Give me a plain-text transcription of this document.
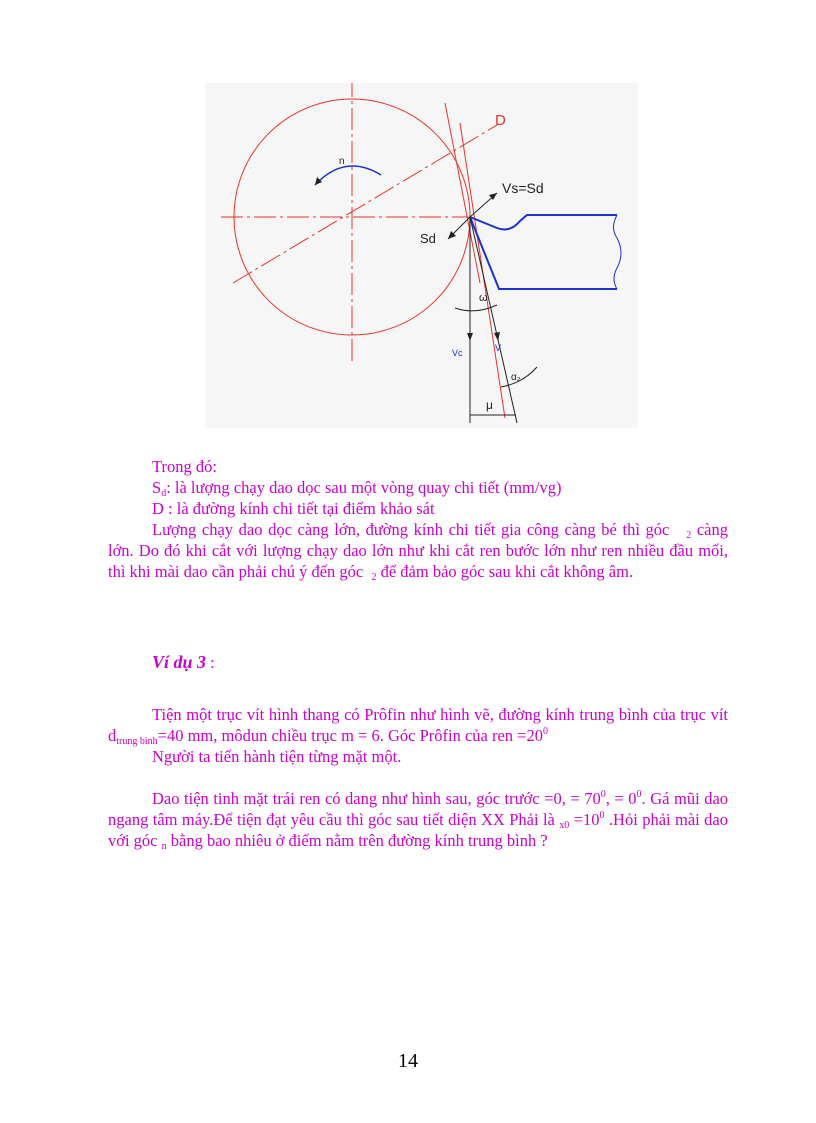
n
D
Vs=Sd
Sd
Vc	V
ω
α₂
μ

Trong đó:

$S_d$: là lượng chạy dao dọc sau một vòng quay chi tiết (mm/vg)

D : là đường kính chi tiết tại điểm khảo sát

Lượng chạy dao dọc càng lớn, đường kính chi tiết gia công càng bé thì góc $_2$ càng lớn. Do đó khi cắt với lượng chạy dao lớn như khi cắt ren bước lớn như ren nhiều đầu mối, thì khi mài dao cần phải chú ý đến góc $_2$ để đảm bảo góc sau khi cắt không âm.

Ví dụ 3 :

Tiện một trục vít hình thang có Prôfin như hình vẽ, đường kính trung bình của trục vít $d_{trung bình}=40$ mm, môdun chiều trục m = 6. Góc Prôfin của ren $=20^0$

Người ta tiến hành tiện từng mặt một.

Dao tiện tinh mặt trái ren có dang như hình sau, góc trước =0, = $70^0$, = $0^0$. Gá mũi dao ngang tâm máy.Để tiện đạt yêu cầu thì góc sau tiết diện XX Phải là $_{x0} =10^0$ .Hỏi phải mài dao với góc $_n$ bằng bao nhiêu ở điểm nằm trên đường kính trung bình ?

14
